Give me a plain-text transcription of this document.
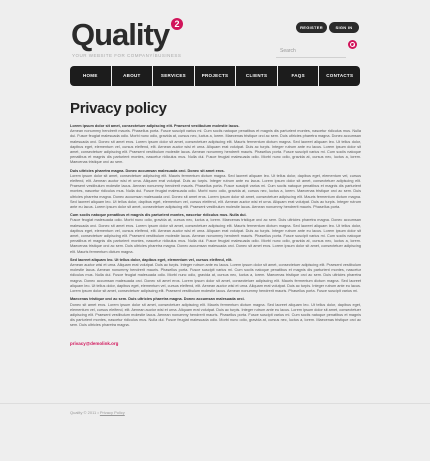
Quality 2
YOUR WEBSITE FOR COMPANY/BUSINESS
REGISTER	SIGN IN
Search
HOME	ABOUT	SERVICES	PROJECTS	CLIENTS	FAQS	CONTACTS
Privacy policy
Lorem ipsum dolor sit amet, consectetuer adipiscing elit. Praesent vestibulum molestie lacus.
Aenean nonummy hendrerit mauris. Phasellus porta. Fusce suscipit varius mi. Cum sociis natoque penatibus et magnis dis parturient montes, nascetur ridiculus mus. Nulla dui. Fusce feugiat malesuada odio. Morbi nunc odio, gravida at, cursus nec, luctus a, lorem. Maecenas tristique orci ac sem. Duis ultricies pharetra magna. Donec accumsan malesuada orci. Donec sit amet eros. Lorem ipsum dolor sit amet, consectetuer adipiscing elit. Mauris fermentum dictum magna. Sed laoreet aliquam leo. Ut tellus dolor, dapibus eget, elementum vel, cursus eleifend, elit. Aenean auctor wisi et urna. Aliquam erat volutpat. Duis ac turpis. Integer rutrum ante eu lacus. Lorem ipsum dolor sit amet, consectetuer adipiscing elit. Praesent vestibulum molestie lacus. Aenean nonummy hendrerit mauris. Phasellus porta. Fusce suscipit varius mi. Cum sociis natoque penatibus et magnis dis parturient montes, nascetur ridiculus mus. Nulla dui. Fusce feugiat malesuada odio. Morbi nunc odio, gravida at, cursus nec, luctus a, lorem. Maecenas tristique orci ac sem.
Duis ultricies pharetra magna. Donec accumsan malesuada orci. Donec sit amet eros.
Lorem ipsum dolor sit amet, consectetuer adipiscing elit. Mauris fermentum dictum magna. Sed laoreet aliquam leo. Ut tellus dolor, dapibus eget, elementum vel, cursus eleifend, elit. Aenean auctor wisi et urna. Aliquam erat volutpat. Duis ac turpis. Integer rutrum ante eu lacus. Lorem ipsum dolor sit amet, consectetuer adipiscing elit. Praesent vestibulum molestie lacus. Aenean nonummy hendrerit mauris. Phasellus porta. Fusce suscipit varius mi. Cum sociis natoque penatibus et magnis dis parturient montes, nascetur ridiculus mus. Nulla dui. Fusce feugiat malesuada odio. Morbi nunc odio, gravida at, cursus nec, luctus a, lorem. Maecenas tristique orci ac sem. Duis ultricies pharetra magna. Donec accumsan malesuada orci. Donec sit amet eros. Lorem ipsum dolor sit amet, consectetuer adipiscing elit. Mauris fermentum dictum magna. Sed laoreet aliquam leo. Ut tellus dolor, dapibus eget, elementum vel, cursus eleifend, elit. Aenean auctor wisi et urna. Aliquam erat volutpat. Duis ac turpis. Integer rutrum ante eu lacus. Lorem ipsum dolor sit amet, consectetuer adipiscing elit. Praesent vestibulum molestie lacus. Aenean nonummy hendrerit mauris. Phasellus porta.
Cum sociis natoque penatibus et magnis dis parturient montes, nascetur ridiculus mus. Nulla dui.
Fusce feugiat malesuada odio. Morbi nunc odio, gravida at, cursus nec, luctus a, lorem. Maecenas tristique orci ac sem. Duis ultricies pharetra magna. Donec accumsan malesuada orci. Donec sit amet eros. Lorem ipsum dolor sit amet, consectetuer adipiscing elit. Mauris fermentum dictum magna. Sed laoreet aliquam leo. Ut tellus dolor, dapibus eget, elementum vel, cursus eleifend, elit. Aenean auctor wisi et urna. Aliquam erat volutpat. Duis ac turpis. Integer rutrum ante eu lacus. Lorem ipsum dolor sit amet, consectetuer adipiscing elit. Praesent vestibulum molestie lacus. Aenean nonummy hendrerit mauris. Phasellus porta. Fusce suscipit varius mi. Cum sociis natoque penatibus et magnis dis parturient montes, nascetur ridiculus mus. Nulla dui. Fusce feugiat malesuada odio. Morbi nunc odio, gravida at, cursus nec, luctus a, lorem. Maecenas tristique orci ac sem. Duis ultricies pharetra magna. Donec accumsan malesuada orci. Donec sit amet eros. Lorem ipsum dolor sit amet, consectetuer adipiscing elit. Mauris fermentum dictum magna.
Sed laoreet aliquam leo. Ut tellus dolor, dapibus eget, elementum vel, cursus eleifend, elit.
Aenean auctor wisi et urna. Aliquam erat volutpat. Duis ac turpis. Integer rutrum ante eu lacus. Lorem ipsum dolor sit amet, consectetuer adipiscing elit. Praesent vestibulum molestie lacus. Aenean nonummy hendrerit mauris. Phasellus porta. Fusce suscipit varius mi. Cum sociis natoque penatibus et magnis dis parturient montes, nascetur ridiculus mus. Nulla dui. Fusce feugiat malesuada odio. Morbi nunc odio, gravida at, cursus nec, luctus a, lorem. Maecenas tristique orci ac sem. Duis ultricies pharetra magna. Donec accumsan malesuada orci. Donec sit amet eros. Lorem ipsum dolor sit amet, consectetuer adipiscing elit. Mauris fermentum dictum magna. Sed laoreet aliquam leo. Ut tellus dolor, dapibus eget, elementum vel, cursus eleifend, elit. Aenean auctor wisi et urna. Aliquam erat volutpat. Duis ac turpis. Integer rutrum ante eu lacus. Lorem ipsum dolor sit amet, consectetuer adipiscing elit. Praesent vestibulum molestie lacus. Aenean nonummy hendrerit mauris. Phasellus porta. Fusce suscipit varius mi.
Maecenas tristique orci ac sem. Duis ultricies pharetra magna. Donec accumsan malesuada orci.
Donec sit amet eros. Lorem ipsum dolor sit amet, consectetuer adipiscing elit. Mauris fermentum dictum magna. Sed laoreet aliquam leo. Ut tellus dolor, dapibus eget, elementum vel, cursus eleifend, elit. Aenean auctor wisi et urna. Aliquam erat volutpat. Duis ac turpis. Integer rutrum ante eu lacus. Lorem ipsum dolor sit amet, consectetuer adipiscing elit. Praesent vestibulum molestie lacus. Aenean nonummy hendrerit mauris. Phasellus porta. Fusce suscipit varius mi. Cum sociis natoque penatibus et magnis dis parturient montes, nascetur ridiculus mus. Nulla dui. Fusce feugiat malesuada odio. Morbi nunc odio, gravida at, cursus nec, luctus a, lorem. Maecenas tristique orci ac sem. Duis ultricies pharetra magna.
privacy@demolink.org
Quality © 2011 • Privacy Policy
